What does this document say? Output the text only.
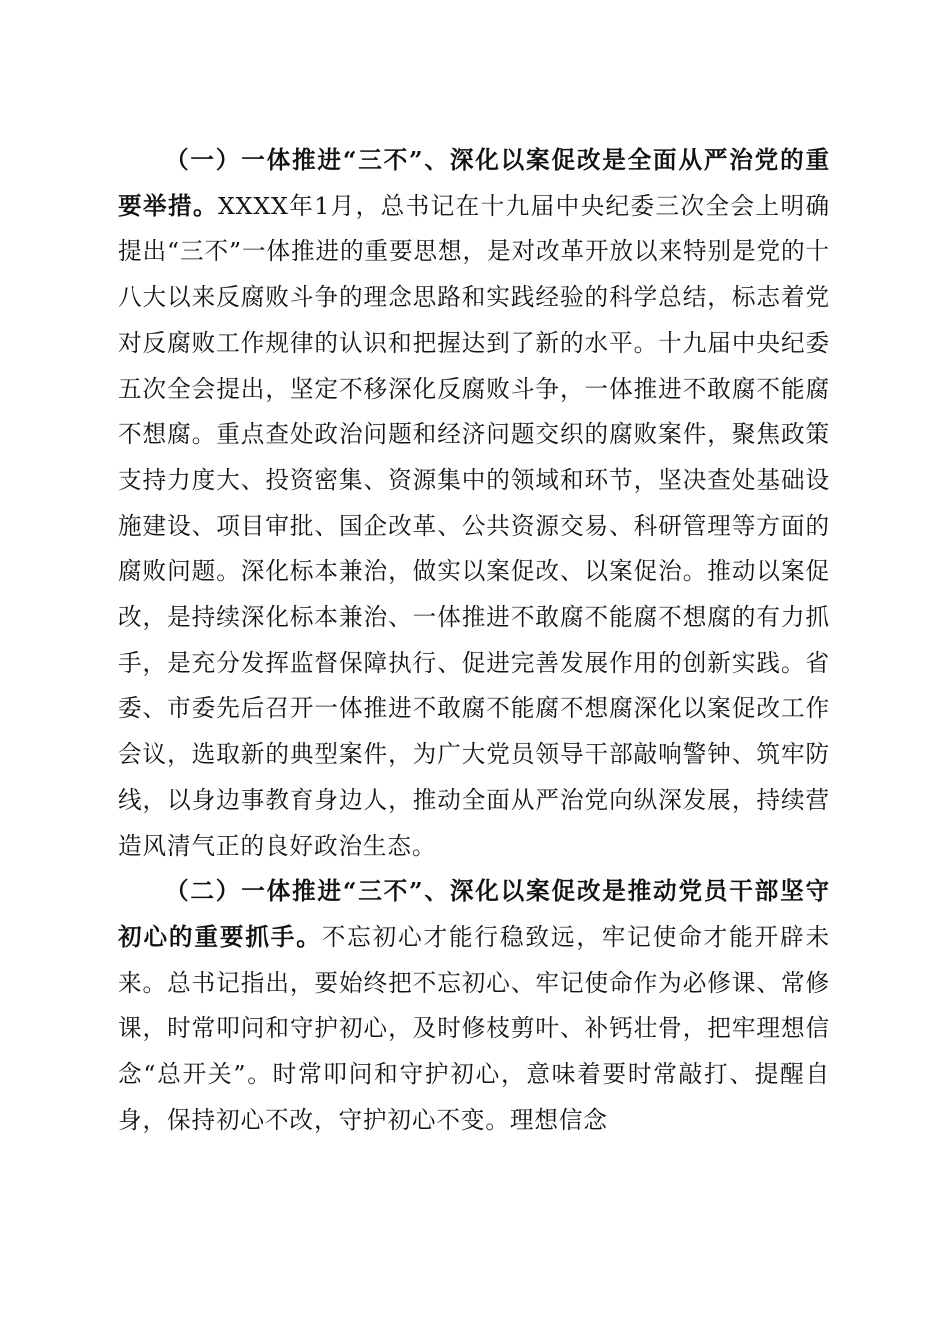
（一）一体推进“三不”、深化以案促改是全面从严治党的重要举措。XXXX年1月，总书记在十九届中央纪委三次全会上明确提出“三不”一体推进的重要思想，是对改革开放以来特别是党的十八大以来反腐败斗争的理念思路和实践经验的科学总结，标志着党对反腐败工作规律的认识和把握达到了新的水平。十九届中央纪委五次全会提出，坚定不移深化反腐败斗争，一体推进不敢腐不能腐不想腐。重点查处政治问题和经济问题交织的腐败案件，聚焦政策支持力度大、投资密集、资源集中的领域和环节，坚决查处基础设施建设、项目审批、国企改革、公共资源交易、科研管理等方面的腐败问题。深化标本兼治，做实以案促改、以案促治。推动以案促改，是持续深化标本兼治、一体推进不敢腐不能腐不想腐的有力抓手，是充分发挥监督保障执行、促进完善发展作用的创新实践。省委、市委先后召开一体推进不敢腐不能腐不想腐深化以案促改工作会议，选取新的典型案件，为广大党员领导干部敲响警钟、筑牢防线，以身边事教育身边人，推动全面从严治党向纵深发展，持续营造风清气正的良好政治生态。

（二）一体推进“三不”、深化以案促改是推动党员干部坚守初心的重要抓手。不忘初心才能行稳致远，牢记使命才能开辟未来。总书记指出，要始终把不忘初心、牢记使命作为必修课、常修课，时常叩问和守护初心，及时修枝剪叶、补钙壮骨，把牢理想信念“总开关”。时常叩问和守护初心，意味着要时常敲打、提醒自身，保持初心不改，守护初心不变。理想信念
